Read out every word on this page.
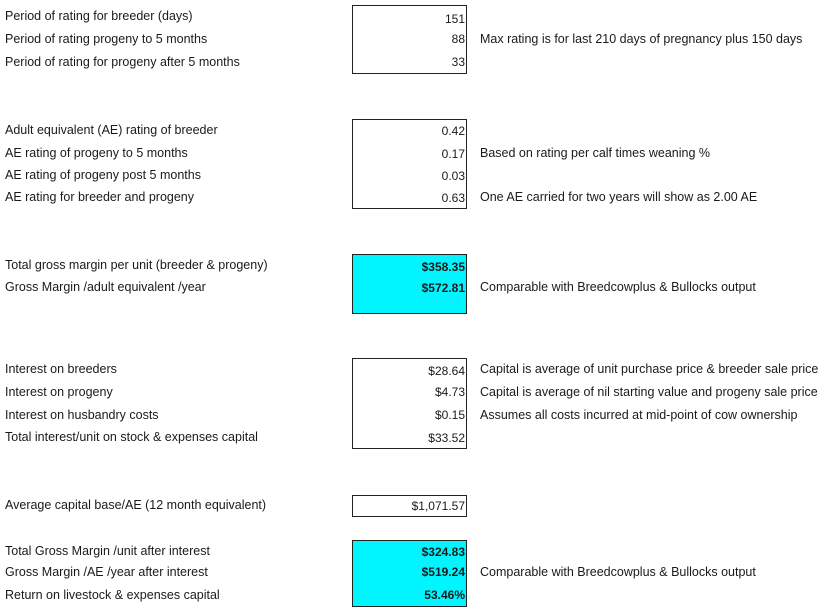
Period of rating for breeder (days)
Period of rating progeny to 5 months
Period of rating for progeny after 5 months
151
88
33
Max rating is for last 210 days of pregnancy plus 150 days
Adult equivalent (AE) rating of breeder
AE rating of progeny to 5 months
AE rating of progeny post 5 months
AE rating for breeder and progeny
0.42
0.17
0.03
0.63
Based on rating per calf times weaning %
One AE carried for two years will show as 2.00 AE
Total gross margin per unit (breeder & progeny)
Gross Margin /adult equivalent /year
$358.35
$572.81 Comparable with Breedcowplus & Bullocks output
Interest on breeders
Interest on progeny
Interest on husbandry costs
Total interest/unit on stock & expenses capital
$28.64
$4.73
$0.15
$33.52
Capital is average of unit purchase price & breeder sale price
Capital is average of nil starting value and progeny sale price
Assumes all costs incurred at mid-point of cow ownership
Average capital base/AE (12 month equivalent)	$1,071.57
Total Gross Margin /unit after interest
Gross Margin /AE /year after interest
Return on livestock & expenses capital
$324.83
$519.24
53.46%
Comparable with Breedcowplus & Bullocks output
